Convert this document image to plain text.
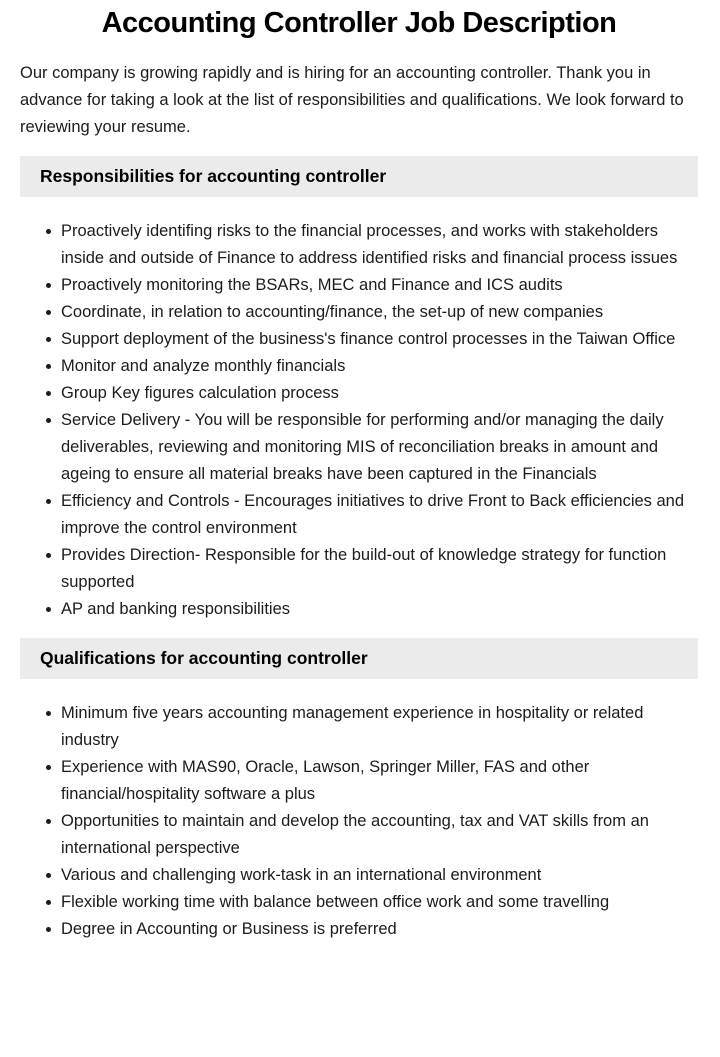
Accounting Controller Job Description

Our company is growing rapidly and is hiring for an accounting controller. Thank you in advance for taking a look at the list of responsibilities and qualifications. We look forward to reviewing your resume.

Responsibilities for accounting controller
Proactively identifing risks to the financial processes, and works with stakeholders inside and outside of Finance to address identified risks and financial process issues
Proactively monitoring the BSARs, MEC and Finance and ICS audits
Coordinate, in relation to accounting/finance, the set-up of new companies
Support deployment of the business's finance control processes in the Taiwan Office
Monitor and analyze monthly financials
Group Key figures calculation process
Service Delivery - You will be responsible for performing and/or managing the daily deliverables, reviewing and monitoring MIS of reconciliation breaks in amount and ageing to ensure all material breaks have been captured in the Financials
Efficiency and Controls - Encourages initiatives to drive Front to Back efficiencies and improve the control environment
Provides Direction- Responsible for the build-out of knowledge strategy for function supported
AP and banking responsibilities
Qualifications for accounting controller
Minimum five years accounting management experience in hospitality or related industry
Experience with MAS90, Oracle, Lawson, Springer Miller, FAS and other financial/hospitality software a plus
Opportunities to maintain and develop the accounting, tax and VAT skills from an international perspective
Various and challenging work-task in an international environment
Flexible working time with balance between office work and some travelling
Degree in Accounting or Business is preferred
